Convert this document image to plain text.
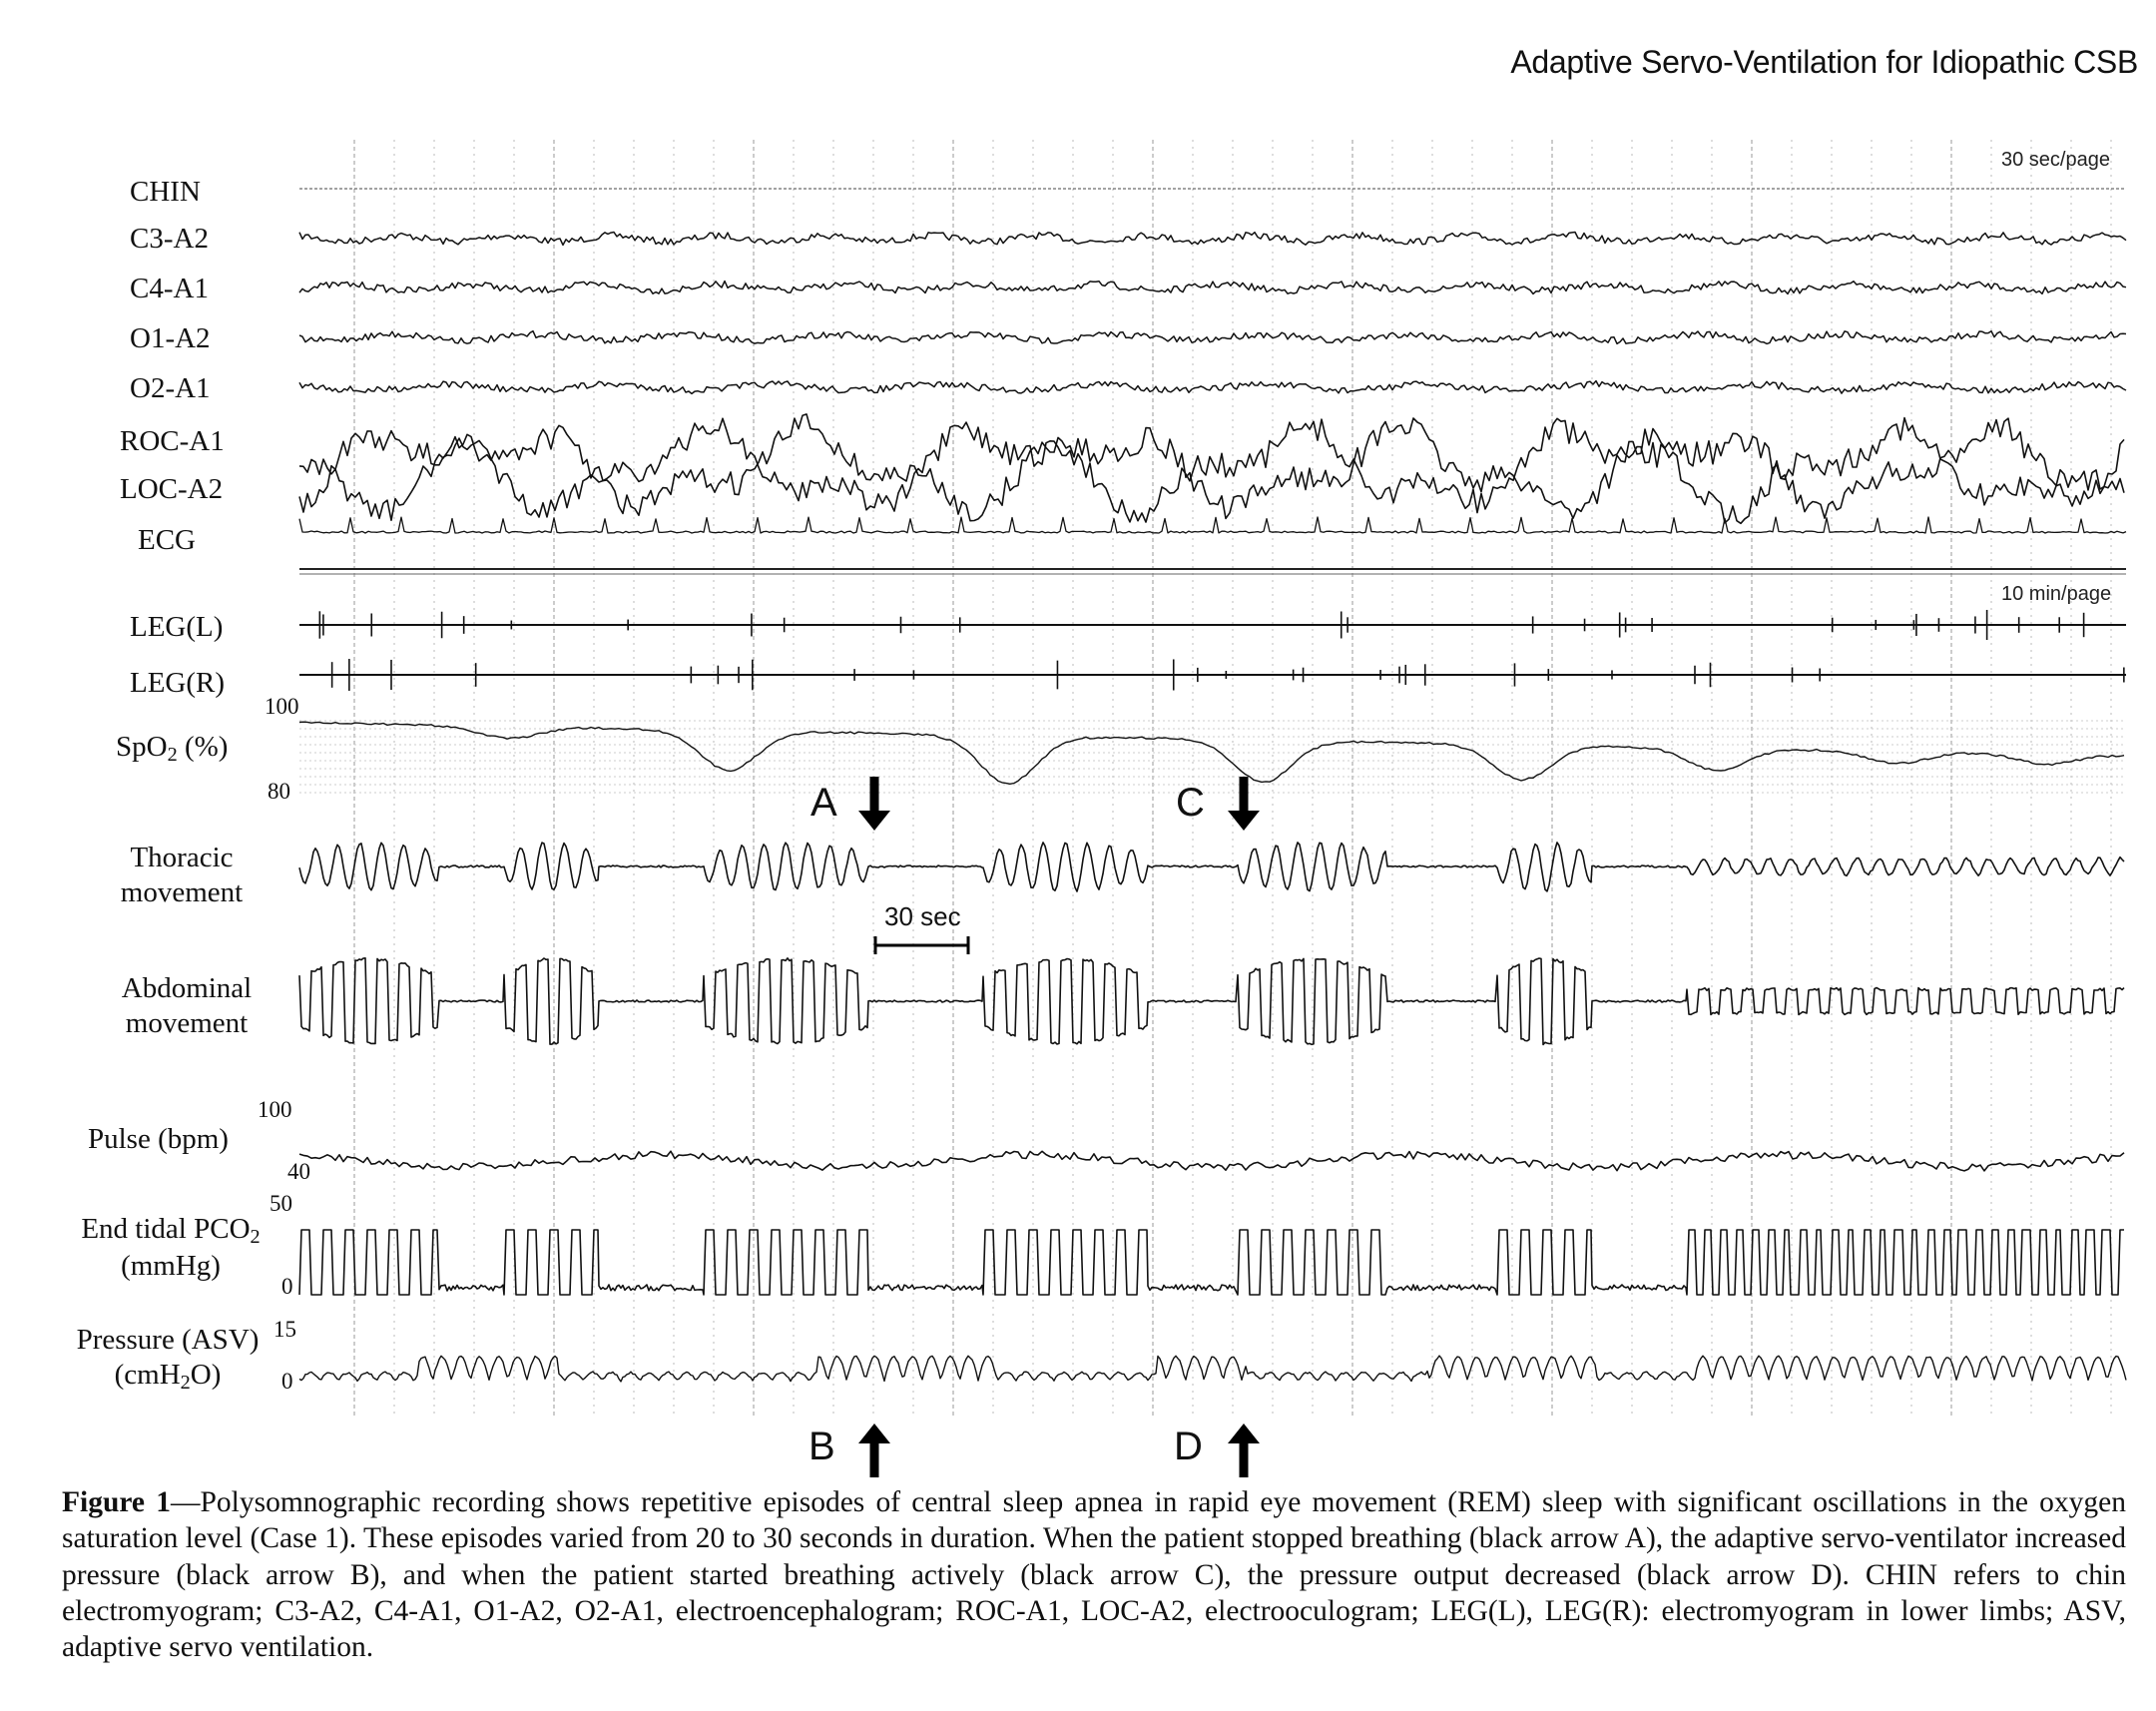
Adaptive Servo-Ventilation for Idiopathic CSB
CHIN
C3-A2
C4-A1
O1-A2
O2-A1
ROC-A1
LOC-A2
ECG
30 sec/page
10 min/page
LEG(L)
LEG(R)
100
SpO$_2$ (%)
80
Thoracic
movement
Abdominal
movement
100
Pulse (bpm)
40
50
End tidal $PCO_2$
(mmHg)
0
Pressure (ASV)
(cmH$_2$O)
15
0
A	C
B	D
30 sec
Figure 1—Polysomnographic recording shows repetitive episodes of central sleep apnea in rapid eye movement (REM) sleep with significant oscillations in the oxygen saturation level (Case 1). These episodes varied from 20 to 30 seconds in duration. When the patient stopped breathing (black arrow A), the adaptive servo-ventilator increased pressure (black arrow B), and when the patient started breathing actively (black arrow C), the pressure output decreased (black arrow D). CHIN refers to chin electromyogram; C3-A2, C4-A1, O1-A2, O2-A1, electroencephalogram; ROC-A1, LOC-A2, electrooculogram; LEG(L), LEG(R): electromyogram in lower limbs; ASV, adaptive servo ventilation.
